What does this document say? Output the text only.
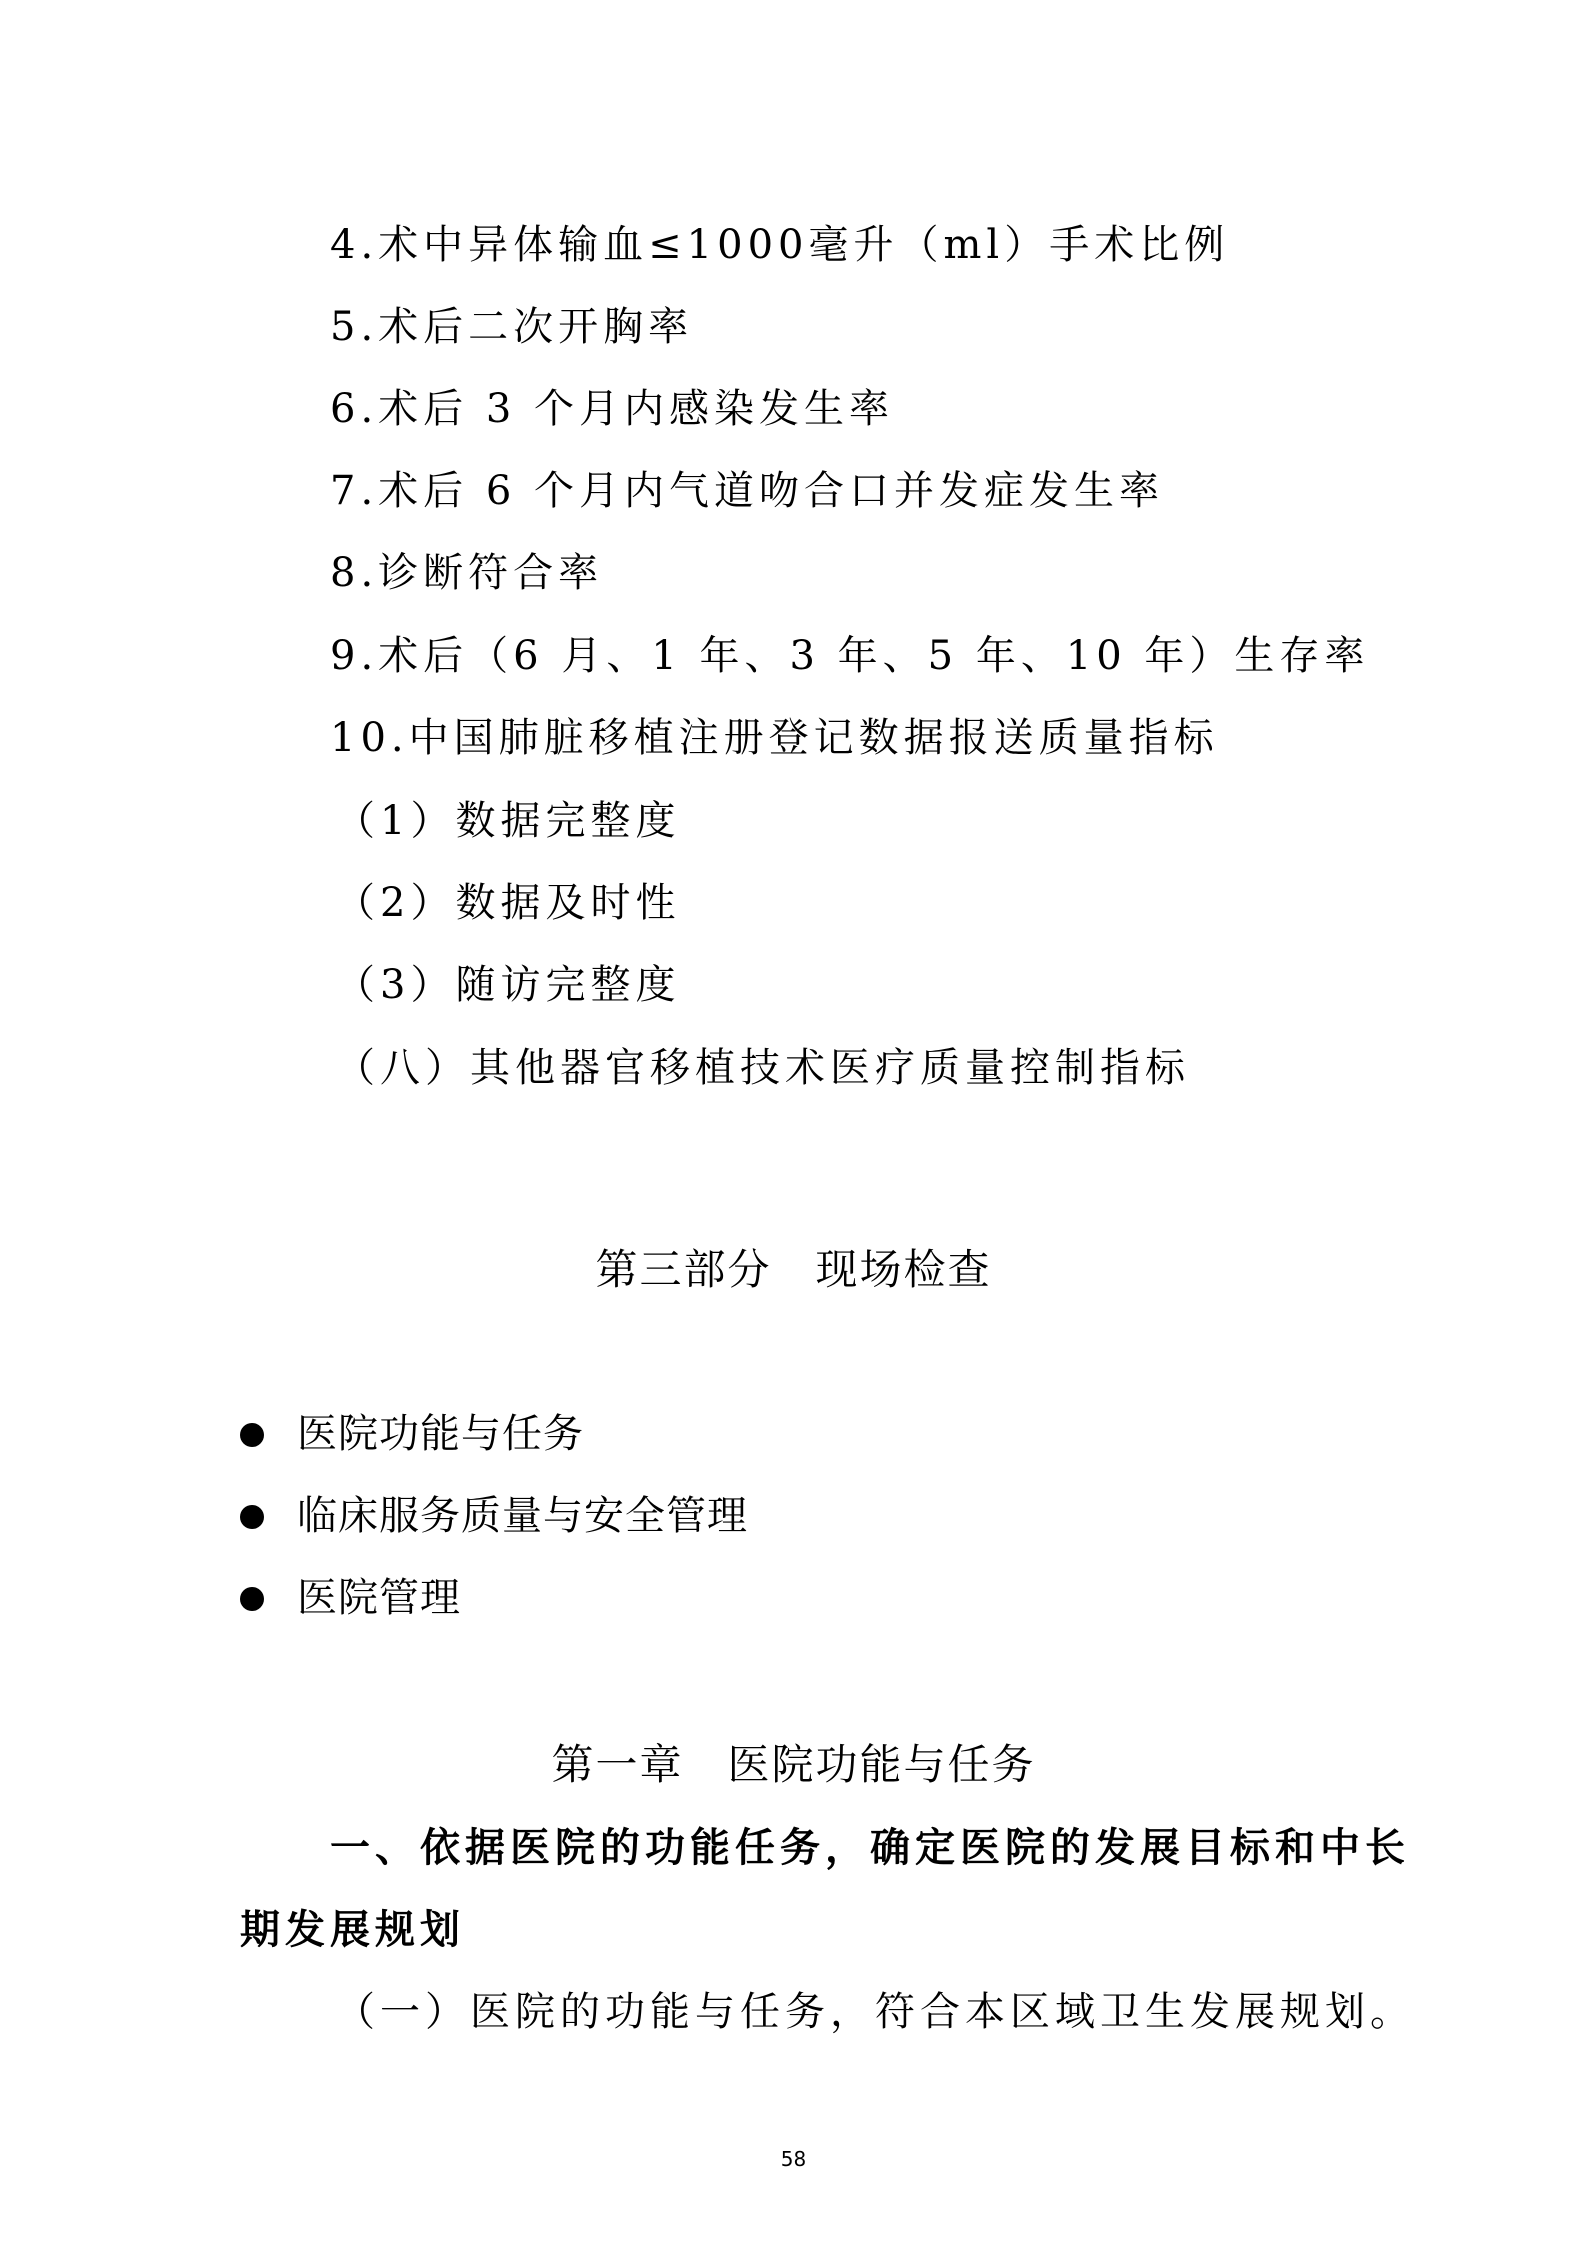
4.术中异体输血≤1000毫升（ml）手术比例
5.术后二次开胸率
6.术后 3 个月内感染发生率
7.术后 6 个月内气道吻合口并发症发生率
8.诊断符合率
9.术后（6 月、1 年、3 年、5 年、10 年）生存率
10.中国肺脏移植注册登记数据报送质量指标
（1）数据完整度
（2）数据及时性
（3）随访完整度
（八）其他器官移植技术医疗质量控制指标
第三部分　现场检查
医院功能与任务
临床服务质量与安全管理
医院管理
第一章　医院功能与任务
一、依据医院的功能任务，确定医院的发展目标和中长
期发展规划
（一）医院的功能与任务，符合本区域卫生发展规划。
58
